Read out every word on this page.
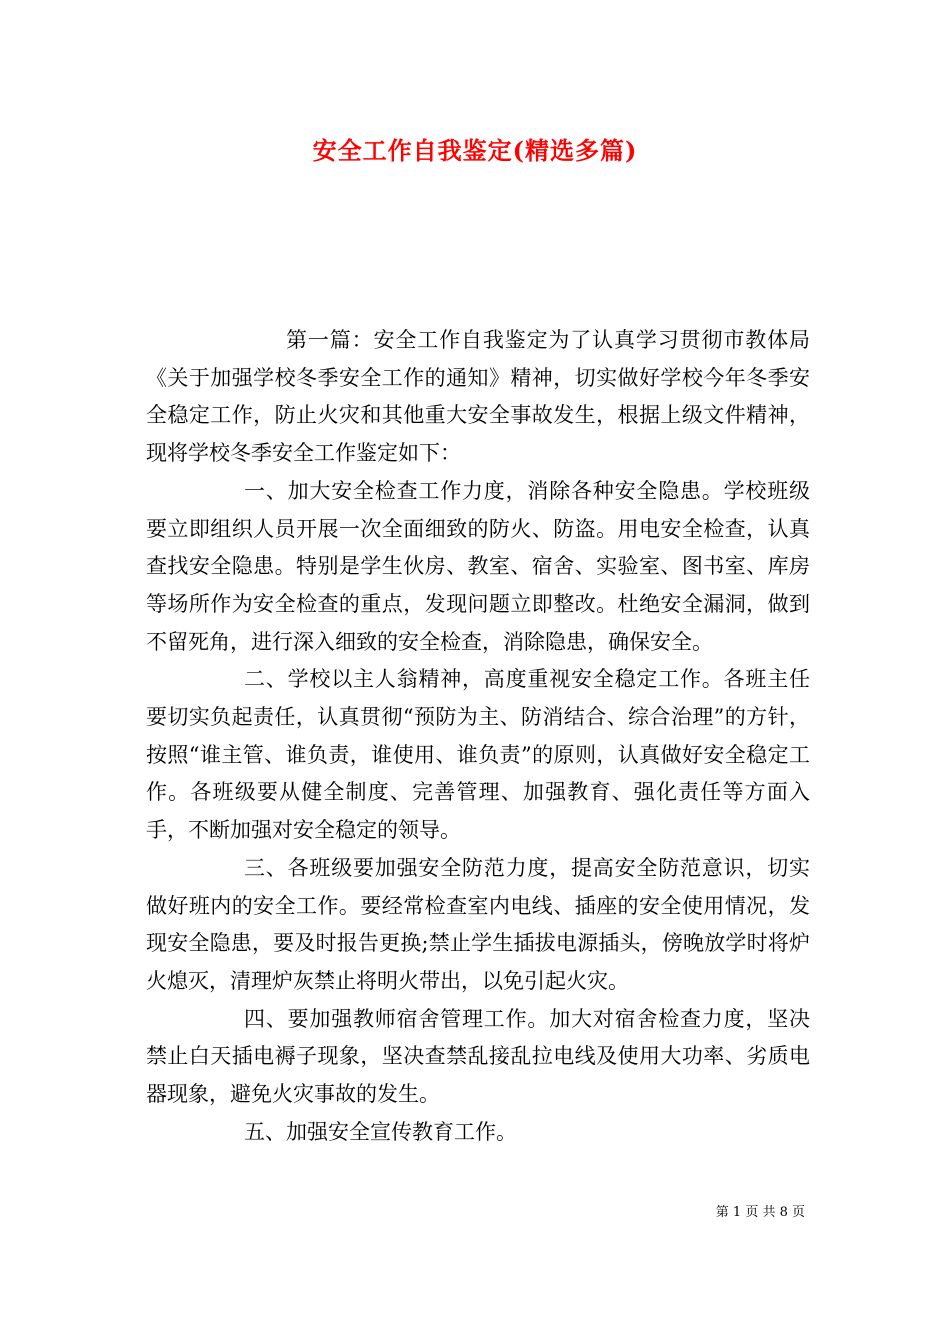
安全工作自我鉴定(精选多篇)

第一篇：安全工作自我鉴定为了认真学习贯彻市教体局《关于加强学校冬季安全工作的通知》精神，切实做好学校今年冬季安全稳定工作，防止火灾和其他重大安全事故发生，根据上级文件精神，现将学校冬季安全工作鉴定如下：

一、加大安全检查工作力度，消除各种安全隐患。学校班级要立即组织人员开展一次全面细致的防火、防盗。用电安全检查，认真查找安全隐患。特别是学生伙房、教室、宿舍、实验室、图书室、库房等场所作为安全检查的重点，发现问题立即整改。杜绝安全漏洞，做到不留死角，进行深入细致的安全检查，消除隐患，确保安全。

二、学校以主人翁精神，高度重视安全稳定工作。各班主任要切实负起责任，认真贯彻“预防为主、防消结合、综合治理”的方针，按照“谁主管、谁负责，谁使用、谁负责”的原则，认真做好安全稳定工作。各班级要从健全制度、完善管理、加强教育、强化责任等方面入手，不断加强对安全稳定的领导。

三、各班级要加强安全防范力度，提高安全防范意识，切实做好班内的安全工作。要经常检查室内电线、插座的安全使用情况，发现安全隐患，要及时报告更换;禁止学生插拔电源插头，傍晚放学时将炉火熄灭，清理炉灰禁止将明火带出，以免引起火灾。

四、要加强教师宿舍管理工作。加大对宿舍检查力度，坚决禁止白天插电褥子现象，坚决查禁乱接乱拉电线及使用大功率、劣质电器现象，避免火灾事故的发生。

五、加强安全宣传教育工作。

第 1 页 共 8 页
